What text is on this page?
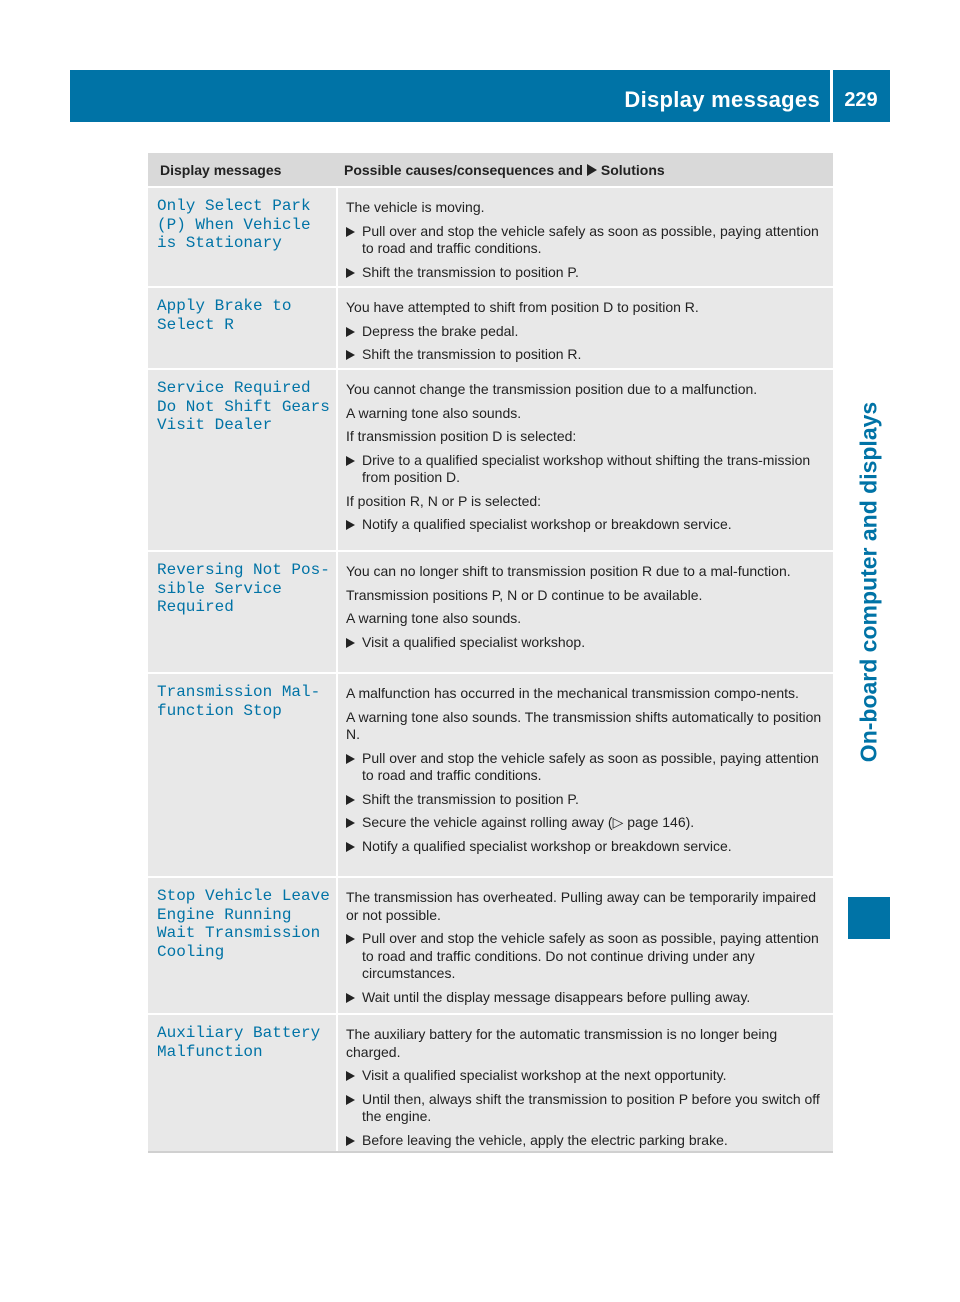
Display messages	229
On-board computer and displays
Display messages	Possible causes/consequences and Solutions
Only Select Park
(P) When Vehicle
is Stationary
The vehicle is moving.
Pull over and stop the vehicle safely as soon as possible, paying attention to road and traffic conditions.
Shift the transmission to position P.
Apply Brake to
Select R
You have attempted to shift from position D to position R.
Depress the brake pedal.
Shift the transmission to position R.
Service Required
Do Not Shift Gears
Visit Dealer
You cannot change the transmission position due to a malfunction.
A warning tone also sounds.
If transmission position D is selected:
Drive to a qualified specialist workshop without shifting the trans-mission from position D.
If position R, N or P is selected:
Notify a qualified specialist workshop or breakdown service.
Reversing Not Pos‐
sible Service
Required
You can no longer shift to transmission position R due to a mal-function.
Transmission positions P, N or D continue to be available.
A warning tone also sounds.
Visit a qualified specialist workshop.
Transmission Mal‐
function Stop
A malfunction has occurred in the mechanical transmission compo-nents.
A warning tone also sounds. The transmission shifts automatically to position N.
Pull over and stop the vehicle safely as soon as possible, paying attention to road and traffic conditions.
Shift the transmission to position P.
Secure the vehicle against rolling away (▷ page 146).
Notify a qualified specialist workshop or breakdown service.
Stop Vehicle Leave
Engine Running
Wait Transmission
Cooling
The transmission has overheated. Pulling away can be temporarily impaired or not possible.
Pull over and stop the vehicle safely as soon as possible, paying attention to road and traffic conditions. Do not continue driving under any circumstances.
Wait until the display message disappears before pulling away.
Auxiliary Battery
Malfunction
The auxiliary battery for the automatic transmission is no longer being charged.
Visit a qualified specialist workshop at the next opportunity.
Until then, always shift the transmission to position P before you switch off the engine.
Before leaving the vehicle, apply the electric parking brake.
